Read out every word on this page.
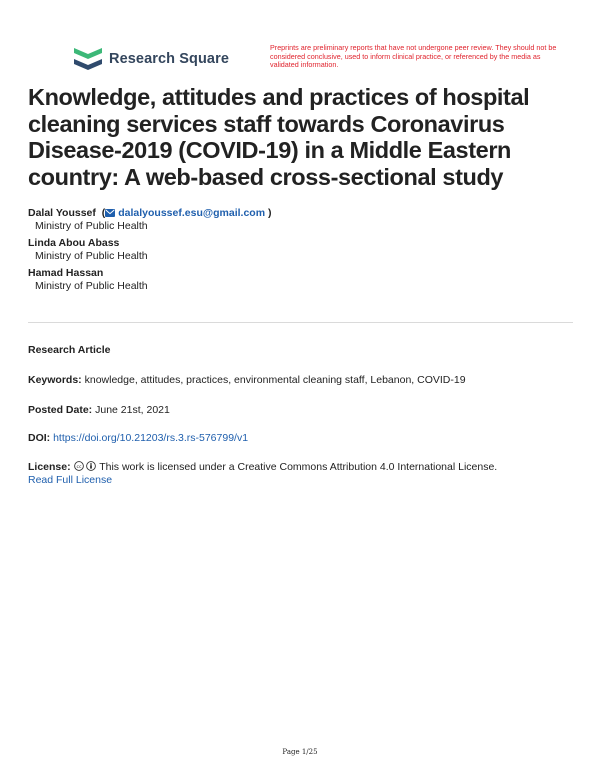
Research Square
Preprints are preliminary reports that have not undergone peer review. They should not be considered conclusive, used to inform clinical practice, or referenced by the media as validated information.
Knowledge, attitudes and practices of hospital cleaning services staff towards Coronavirus Disease-2019 (COVID-19) in a Middle Eastern country: A web-based cross-sectional study
Dalal Youssef  ( dalalyoussef.esu@gmail.com )
Ministry of Public Health
Linda Abou Abass
Ministry of Public Health
Hamad Hassan
Ministry of Public Health
Research Article
Keywords: knowledge, attitudes, practices, environmental cleaning staff, Lebanon, COVID-19
Posted Date: June 21st, 2021
DOI: https://doi.org/10.21203/rs.3.rs-576799/v1
License: cc This work is licensed under a Creative Commons Attribution 4.0 International License.
Read Full License
Page 1/25
